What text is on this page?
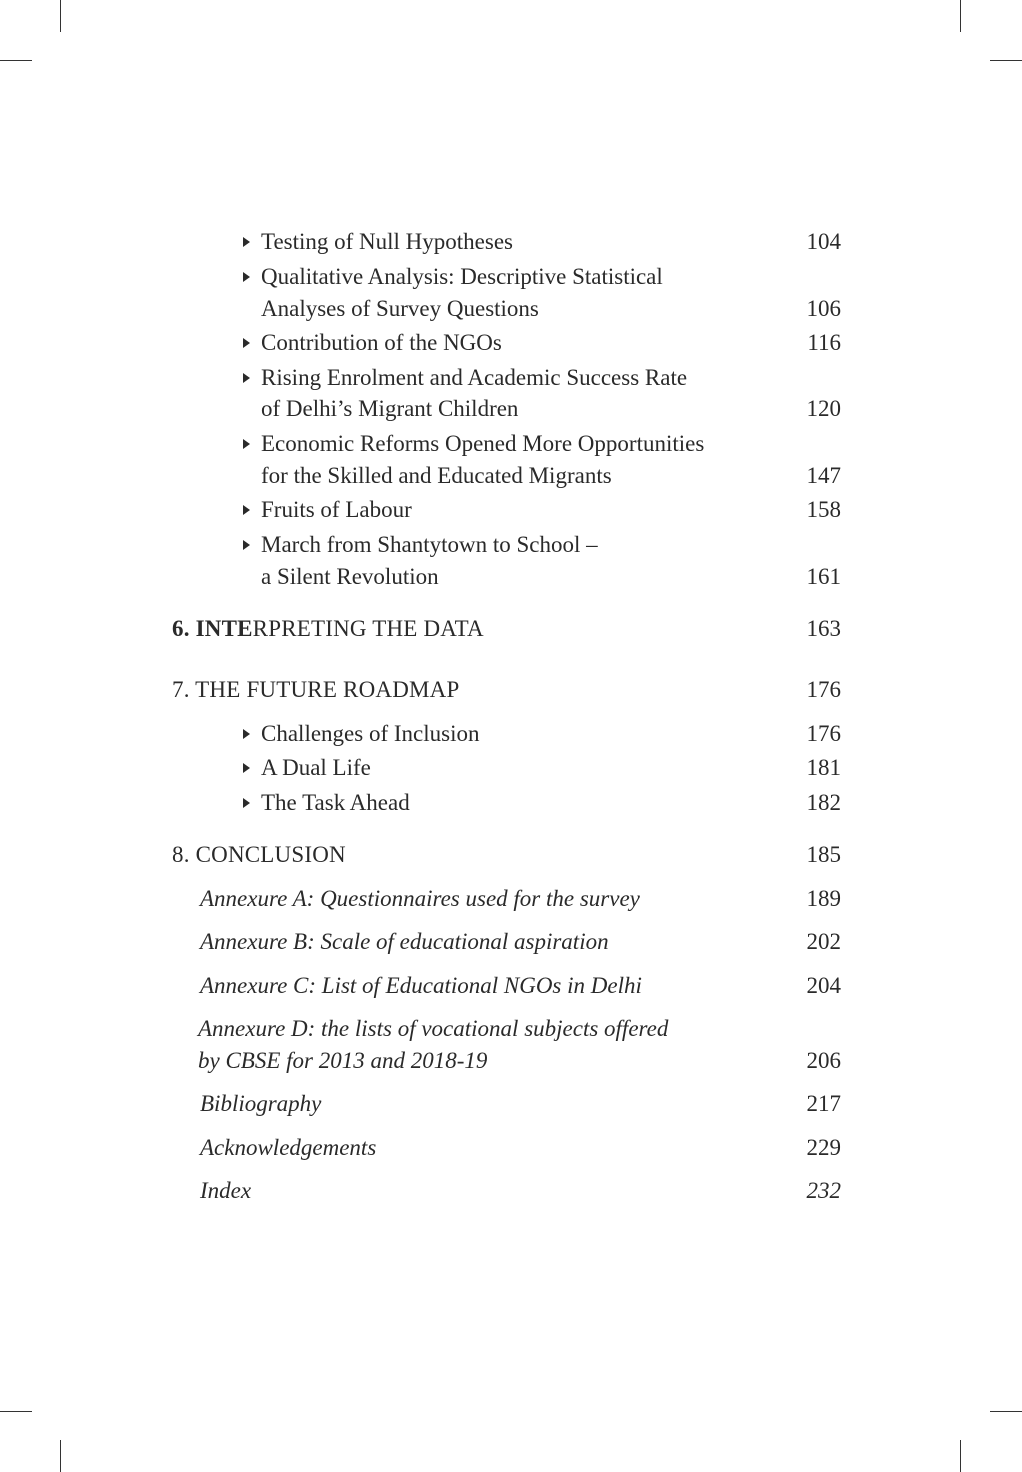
Testing of Null Hypotheses	104
Qualitative Analysis: Descriptive Statistical
Analyses of Survey Questions	106
Contribution of the NGOs	116
Rising Enrolment and Academic Success Rate
of Delhi’s Migrant Children	120
Economic Reforms Opened More Opportunities
for the Skilled and Educated Migrants	147
Fruits of Labour	158
March from Shantytown to School –
a Silent Revolution	161
6. INTERPRETING THE DATA	163
7. THE FUTURE ROADMAP	176
Challenges of Inclusion	176
A Dual Life	181
The Task Ahead	182
8. CONCLUSION	185
Annexure A: Questionnaires used for the survey	189
Annexure B: Scale of educational aspiration	202
Annexure C: List of Educational NGOs in Delhi	204
Annexure D: the lists of vocational subjects offered
by CBSE for 2013 and 2018-19	206
Bibliography	217
Acknowledgements	229
Index	232
